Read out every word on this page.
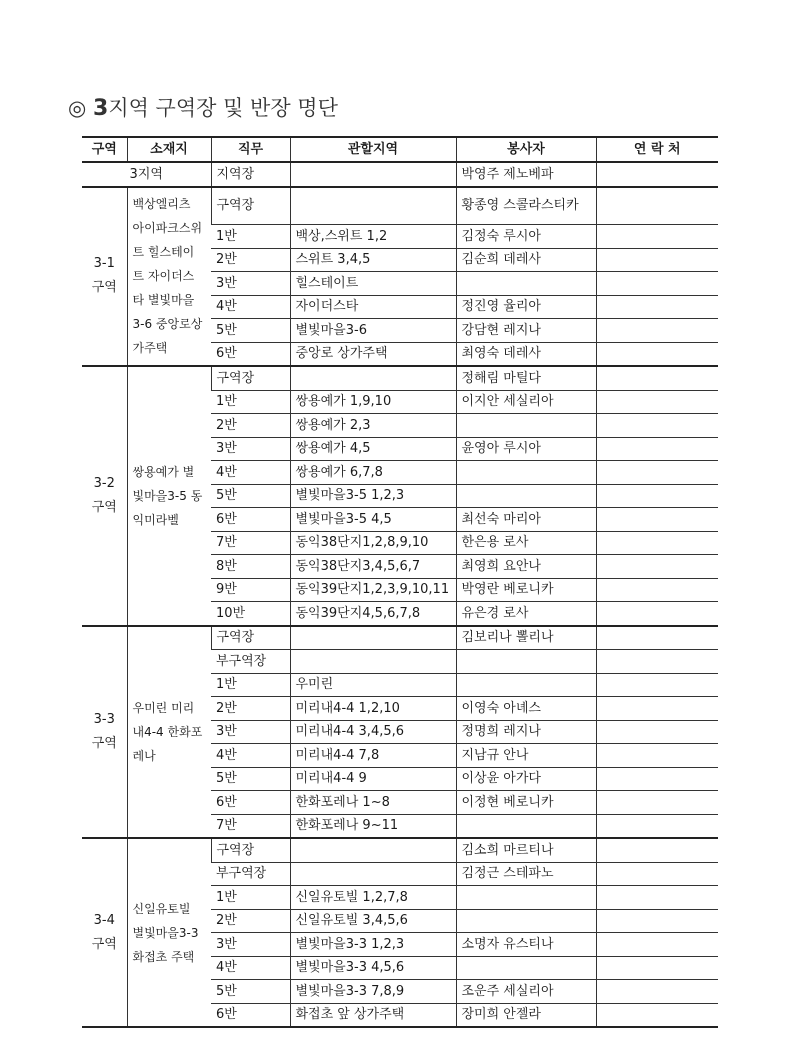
◎ 3지역 구역장 및 반장 명단
구역	소재지	직무	관할지역	봉사자	연 락 처
3지역		지역장		박영주 제노베파	
3-1 구역	백상엘리츠 아이파크스위트 힐스테이트 자이더스타 별빛마을3-6 중앙로상가주택	구역장		황종영 스콜라스티카	
		1반	백상,스위트 1,2	김정숙 루시아	
		2반	스위트 3,4,5	김순희 데레사	
		3반	힐스테이트		
		4반	자이더스타	정진영 율리아	
		5반	별빛마을3-6	강담현 레지나	
		6반	중앙로 상가주택	최영숙 데레사	
3-2 구역	쌍용예가 별빛마을3-5 동익미라벨	구역장		정해림 마틸다	
		1반	쌍용예가 1,9,10	이지안 세실리아	
		2반	쌍용예가 2,3		
		3반	쌍용예가 4,5	윤영아 루시아	
		4반	쌍용예가 6,7,8		
		5반	별빛마을3-5 1,2,3		
		6반	별빛마을3-5 4,5	최선숙 마리아	
		7반	동익38단지1,2,8,9,10	한은용 로사	
		8반	동익38단지3,4,5,6,7	최영희 요안나	
		9반	동익39단지1,2,3,9,10,11	박영란 베로니카	
		10반	동익39단지4,5,6,7,8	유은경 로사	
3-3 구역	우미린 미리내4-4 한화포레나	구역장		김보리나 뽈리나	
		부구역장			
		1반	우미린		
		2반	미리내4-4 1,2,10	이영숙 아녜스	
		3반	미리내4-4 3,4,5,6	정명희 레지나	
		4반	미리내4-4 7,8	지남규 안나	
		5반	미리내4-4 9	이상윤 아가다	
		6반	한화포레나 1~8	이정현 베로니카	
		7반	한화포레나 9~11		
3-4 구역	신일유토빌 별빛마을3-3 화접초 주택	구역장		김소희 마르티나	
		부구역장		김정근 스테파노	
		1반	신일유토빌 1,2,7,8		
		2반	신일유토빌 3,4,5,6		
		3반	별빛마을3-3 1,2,3	소명자 유스티나	
		4반	별빛마을3-3 4,5,6		
		5반	별빛마을3-3 7,8,9	조운주 세실리아	
		6반	화접초 앞 상가주택	장미희 안젤라	
